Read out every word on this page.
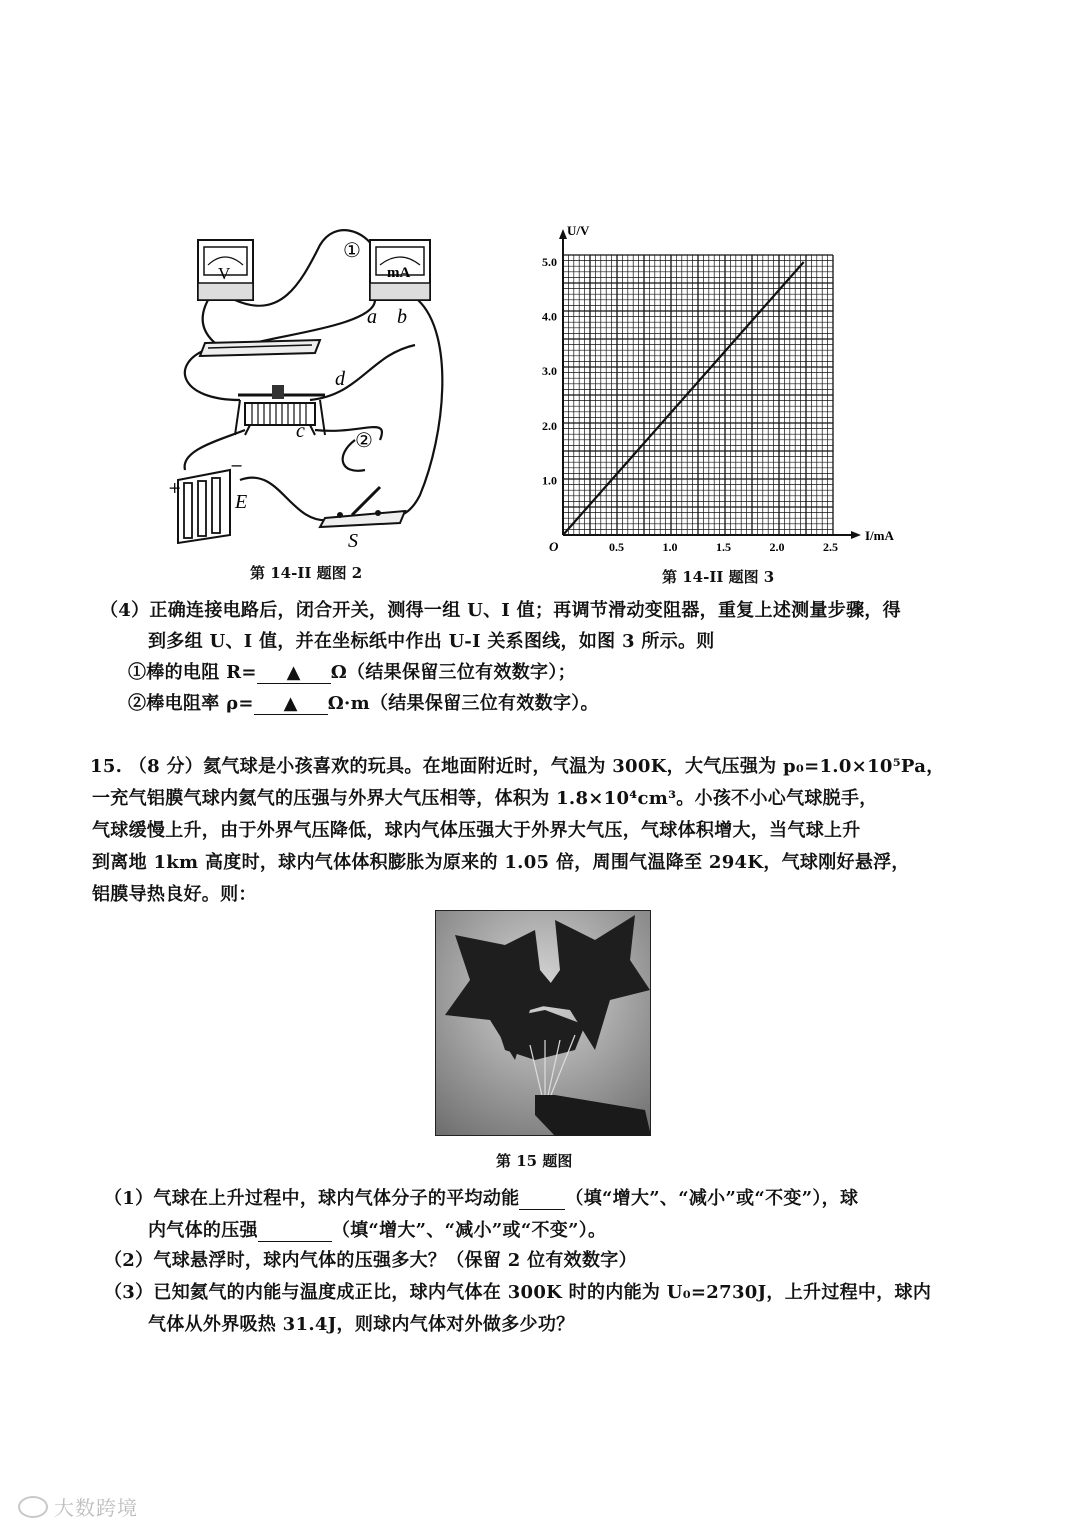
V	mA
a b
①
c
d
②
+
−
E
S
第 14-II 题图 2
0.5	1.0	1.5	2.0	2.5
1.0
2.0
3.0
4.0
5.0
O
I/mA
U/V
第 14-II 题图 3
（4）正确连接电路后，闭合开关，测得一组 U、I 值；再调节滑动变阻器，重复上述测量步骤，得
到多组 U、I 值，并在坐标纸中作出 U-I 关系图线，如图 3 所示。则
①棒的电阻 R= ▲ Ω（结果保留三位有效数字）；
②棒电阻率 ρ= ▲ Ω·m（结果保留三位有效数字）。
15. （8 分）氦气球是小孩喜欢的玩具。在地面附近时，气温为 300K，大气压强为 p₀=1.0×10⁵Pa，
一充气铝膜气球内氦气的压强与外界大气压相等，体积为 1.8×10⁴cm³。小孩不小心气球脱手，
气球缓慢上升，由于外界气压降低，球内气体压强大于外界大气压，气球体积增大，当气球上升
到离地 1km 高度时，球内气体体积膨胀为原来的 1.05 倍，周围气温降至 294K，气球刚好悬浮，
铝膜导热良好。则：
第 15 题图
（1）气球在上升过程中，球内气体分子的平均动能	（填“增大”、“减小”或“不变”），球
内气体的压强	（填“增大”、“减小”或“不变”）。
（2）气球悬浮时，球内气体的压强多大？（保留 2 位有效数字）
（3）已知氦气的内能与温度成正比，球内气体在 300K 时的内能为 U₀=2730J，上升过程中，球内
气体从外界吸热 31.4J，则球内气体对外做多少功？
大数跨境
